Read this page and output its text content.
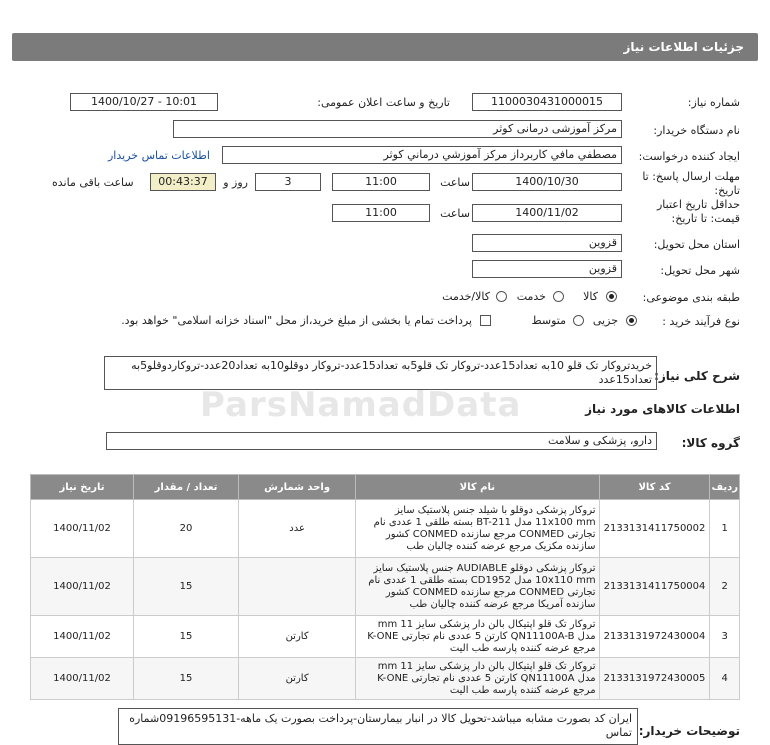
جزئیات اطلاعات نیاز
شماره نیاز:
1100030431000015
تاریخ و ساعت اعلان عمومی:
1400/10/27 - 10:01
نام دستگاه خریدار:
مرکز آموزشی درمانی کوثر
ایجاد کننده درخواست:
مصطفي مافي كاربرداز مركز آموزشي درماني كوثر
اطلاعات تماس خریدار
مهلت ارسال پاسخ: تا
تاریخ:
1400/10/30
ساعت
11:00
3
روز و
00:43:37
ساعت باقی مانده
حداقل تاریخ اعتبار
قیمت: تا تاریخ:
1400/11/02
ساعت
11:00
استان محل تحویل:
قزوین
شهر محل تحویل:
قزوین
طبقه بندی موضوعی:
کالا
خدمت
کالا/خدمت
نوع فرآیند خرید :
جزیی
متوسط
پرداخت تمام یا بخشی از مبلغ خرید،از محل "اسناد خزانه اسلامی" خواهد بود.
شرح کلی نیاز:
خریدتروکار تک قلو 10به تعداد15عدد-تروکار تک قلو5به تعداد15عدد-تروکار دوقلو10به تعداد20عدد-تروکاردوقلو5به تعداد15عدد
ParsNamadData	اطلاعات کالاهای مورد نیاز
گروه کالا:
دارو، پزشکی و سلامت
ردیف	کد کالا	نام کالا	واحد شمارش	تعداد / مقدار	تاریخ نیاز
1	2133131411750002	تروکار پزشکی دوقلو با شیلد جنس پلاستیک سایز 11x100 mm مدل BT-211 بسته طلقی 1 عددی نام تجارتی CONMED مرجع سازنده CONMED کشور سازنده مکزیک مرجع عرضه کننده چالیان طب	عدد	20	1400/11/02
2	2133131411750004	تروکار پزشکی دوقلو AUDIABLE جنس پلاستیک سایز 10x110 mm مدل CD1952 بسته طلقی 1 عددی نام تجارتی CONMED مرجع سازنده CONMED کشور سازنده آمریکا مرجع عرضه کننده چالیان طب		15	1400/11/02
3	2133131972430004	تروکار تک قلو اپتیکال بالن دار پزشکی سایز 11 mm مدل QN11100A-B کارتن 5 عددی نام تجارتی K-ONE مرجع عرضه کننده پارسه طب الیت	کارتن	15	1400/11/02
4	2133131972430005	تروکار تک قلو اپتیکال بالن دار پزشکی سایز 11 mm مدل QN11100A کارتن 5 عددی نام تجارتی K-ONE مرجع عرضه کننده پارسه طب الیت	کارتن	15	1400/11/02
توضیحات خریدار:
ایران کد بصورت مشابه میباشد-تحویل کالا در انبار بیمارستان-پرداخت بصورت یک ماهه-09196595131شماره تماس
